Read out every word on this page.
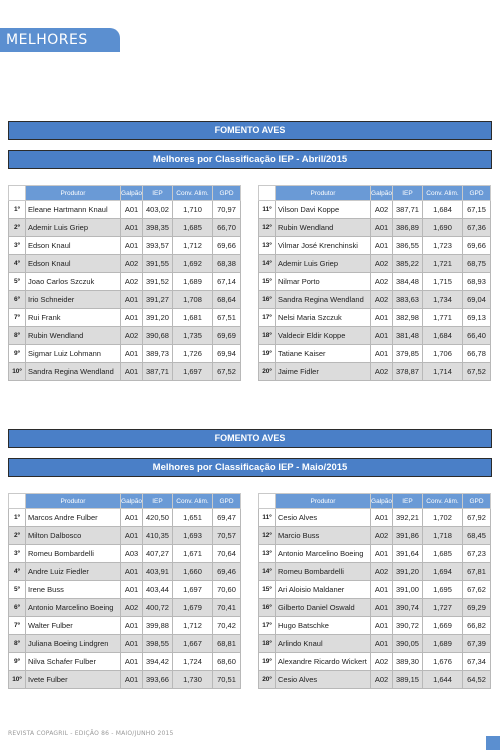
MELHORES
FOMENTO AVES
Melhores por Classificação IEP - Abril/2015
	Produtor	Galpão	IEP	Conv. Alim.	GPD
1º	Eleane Hartmann Knaul	A01	403,02	1,710	70,97
2º	Ademir Luis Griep	A01	398,35	1,685	66,70
3º	Edson Knaul	A01	393,57	1,712	69,66
4º	Edson Knaul	A02	391,55	1,692	68,38
5º	Joao Carlos Szczuk	A02	391,52	1,689	67,14
6º	Irio Schneider	A01	391,27	1,708	68,64
7º	Rui Frank	A01	391,20	1,681	67,51
8º	Rubin Wendland	A02	390,68	1,735	69,69
9º	Sigmar Luiz Lohmann	A01	389,73	1,726	69,94
10º	Sandra Regina Wendland	A01	387,71	1,697	67,52
	Produtor	Galpão	IEP	Conv. Alim.	GPD
11º	Vilson Davi Koppe	A02	387,71	1,684	67,15
12º	Rubin Wendland	A01	386,89	1,690	67,36
13º	Vilmar José Krenchinski	A01	386,55	1,723	69,66
14º	Ademir Luis Griep	A02	385,22	1,721	68,75
15º	Nilmar Porto	A02	384,48	1,715	68,93
16º	Sandra Regina Wendland	A02	383,63	1,734	69,04
17º	Nelsi Maria Szczuk	A01	382,98	1,771	69,13
18º	Valdecir Eldir Koppe	A01	381,48	1,684	66,40
19º	Tatiane Kaiser	A01	379,85	1,706	66,78
20º	Jaime Fidler	A02	378,87	1,714	67,52
FOMENTO AVES
Melhores por Classificação IEP - Maio/2015
	Produtor	Galpão	IEP	Conv. Alim.	GPD
1º	Marcos Andre Fulber	A01	420,50	1,651	69,47
2º	Milton Dalbosco	A01	410,35	1,693	70,57
3º	Romeu Bombardelli	A03	407,27	1,671	70,64
4º	Andre Luiz Fiedler	A01	403,91	1,660	69,46
5º	Irene Buss	A01	403,44	1,697	70,60
6º	Antonio Marcelino Boeing	A02	400,72	1,679	70,41
7º	Walter Fulber	A01	399,88	1,712	70,42
8º	Juliana Boeing Lindgren	A01	398,55	1,667	68,81
9º	Nilva Schafer Fulber	A01	394,42	1,724	68,60
10º	Ivete Fulber	A01	393,66	1,730	70,51
	Produtor	Galpão	IEP	Conv. Alim.	GPD
11º	Cesio Alves	A01	392,21	1,702	67,92
12º	Marcio Buss	A02	391,86	1,718	68,45
13º	Antonio Marcelino Boeing	A01	391,64	1,685	67,23
14º	Romeu Bombardelli	A02	391,20	1,694	67,81
15º	Ari Aloisio Maldaner	A01	391,00	1,695	67,62
16º	Gilberto Daniel Oswald	A01	390,74	1,727	69,29
17º	Hugo Batschke	A01	390,72	1,669	66,82
18º	Arlindo Knaul	A01	390,05	1,689	67,39
19º	Alexandre Ricardo Wickert	A02	389,30	1,676	67,34
20º	Cesio Alves	A02	389,15	1,644	64,52
REVISTA COPAGRIL - EDIÇÃO 86 - MAIO/JUNHO 2015
